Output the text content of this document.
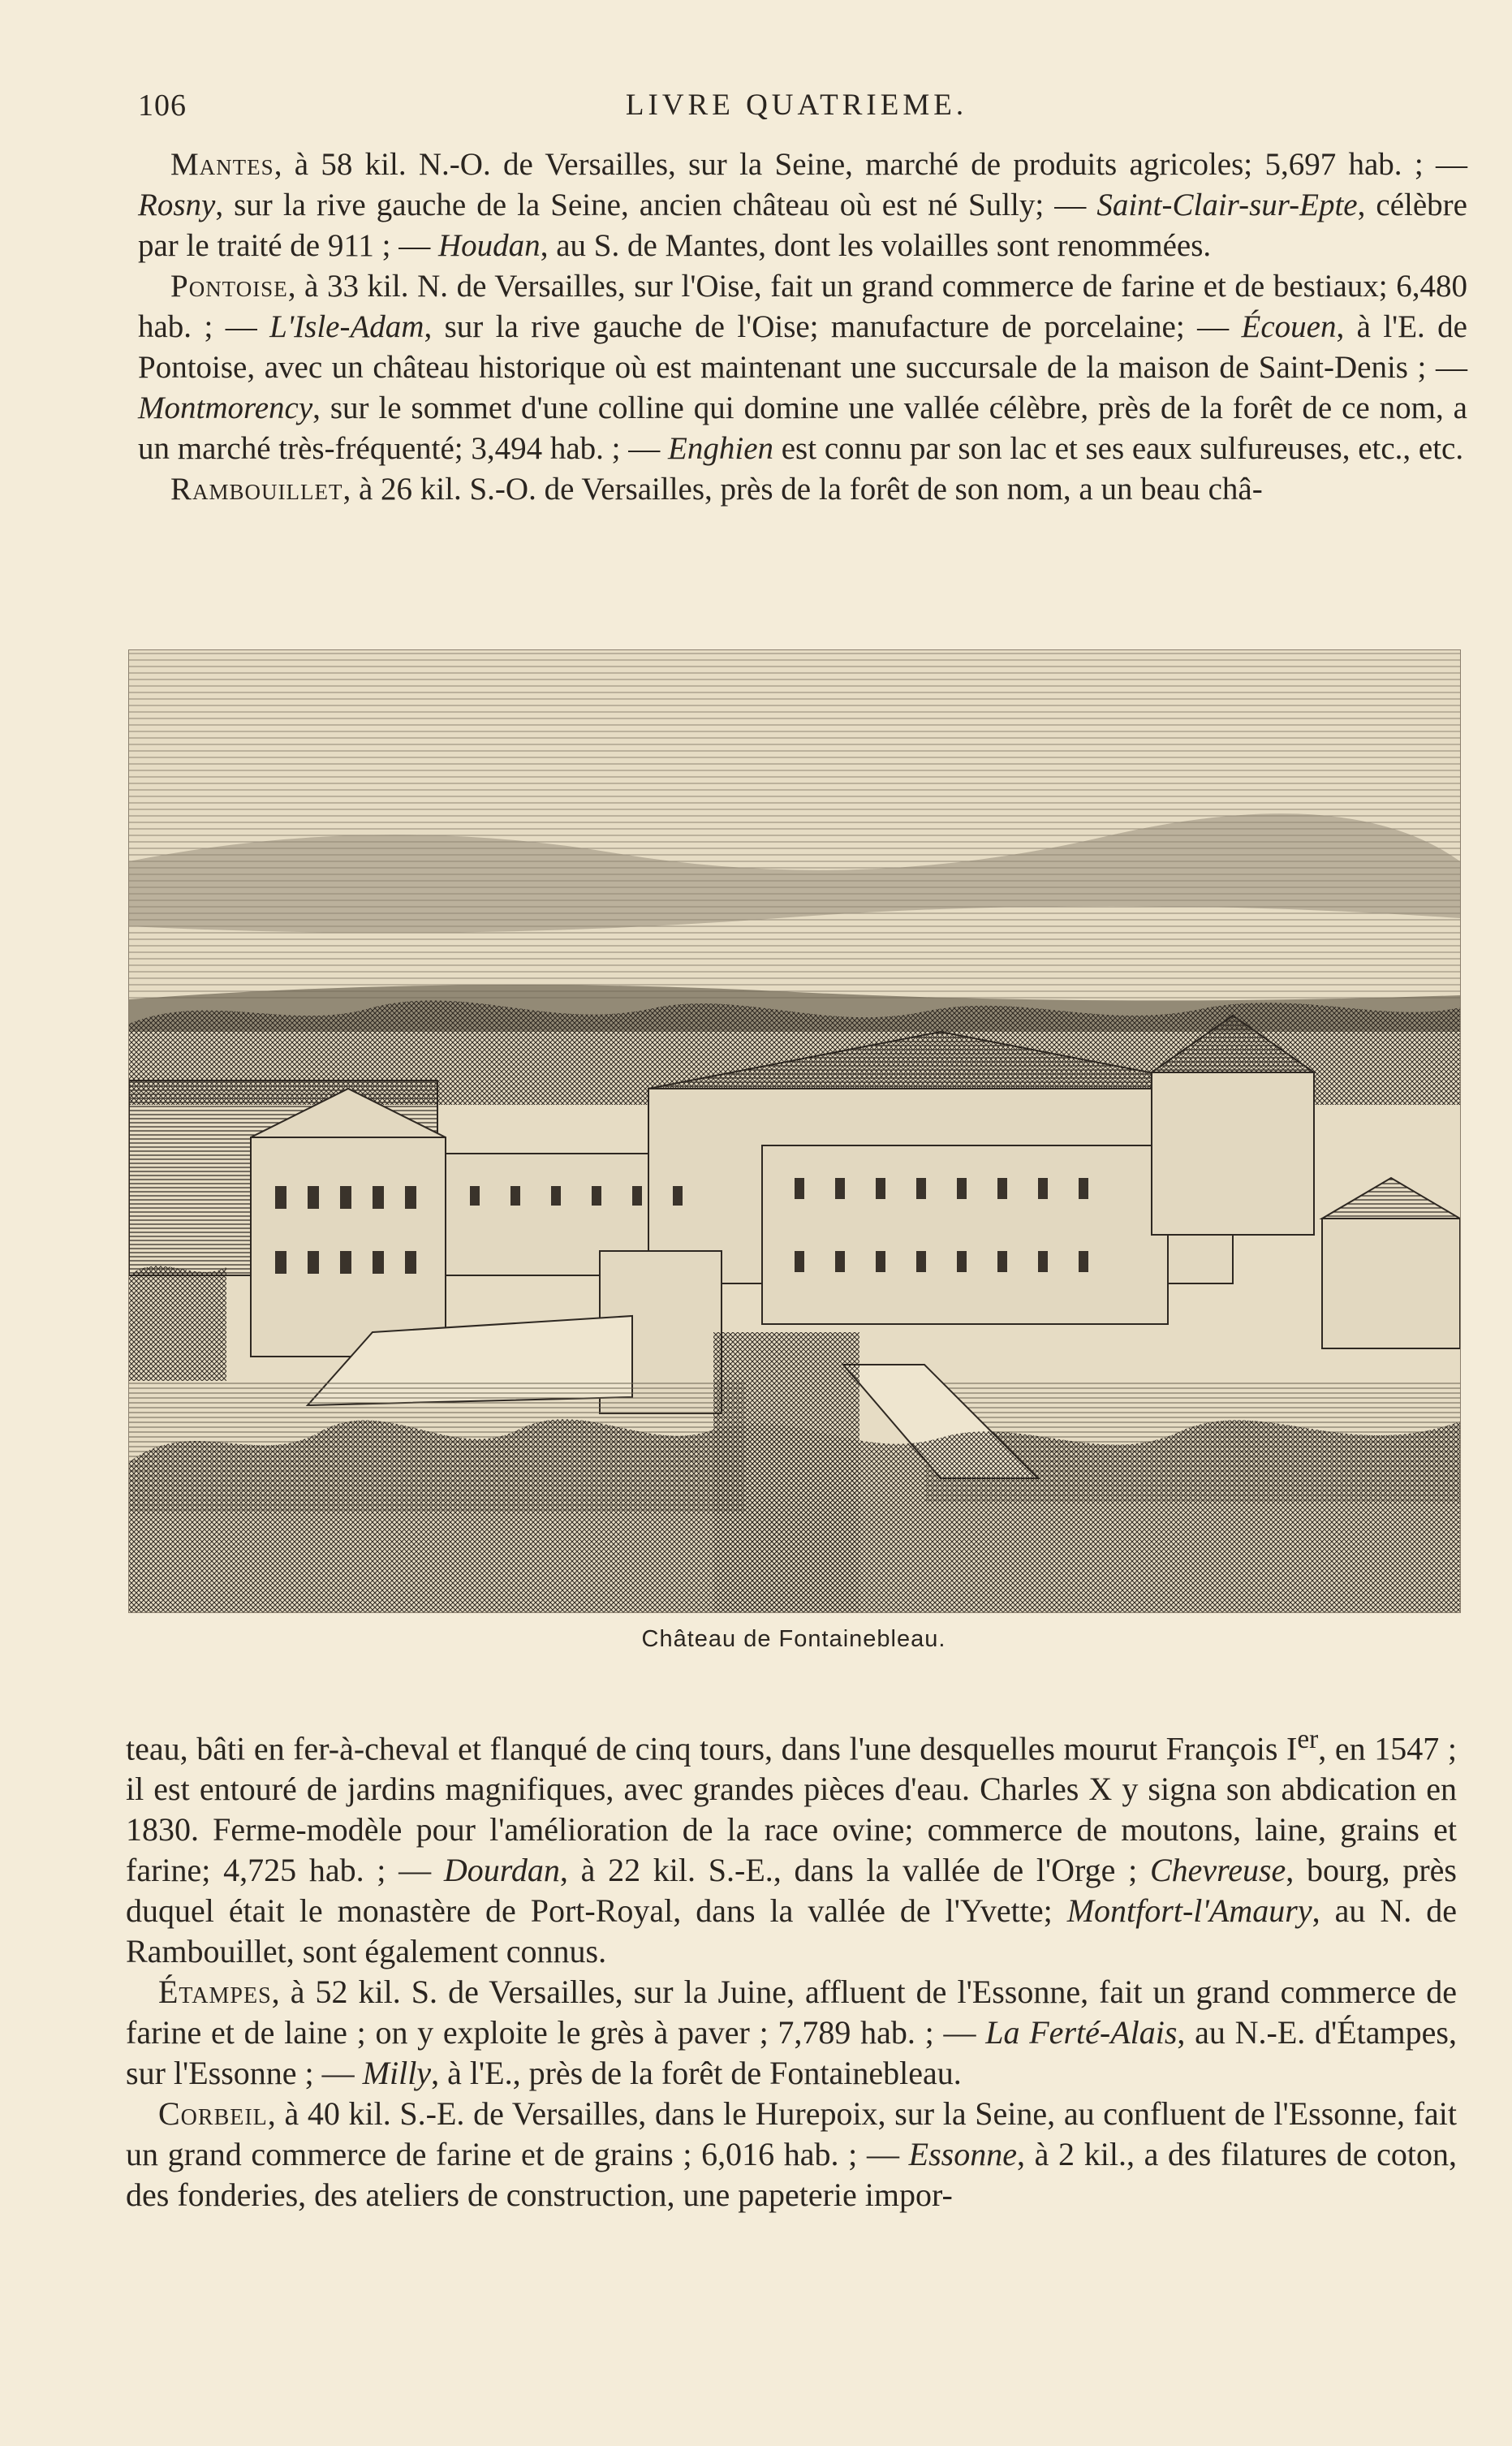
106	LIVRE QUATRIEME.

Mantes, à 58 kil. N.-O. de Versailles, sur la Seine, marché de produits agricoles; 5,697 hab. ; — Rosny, sur la rive gauche de la Seine, ancien château où est né Sully; — Saint-Clair-sur-Epte, célèbre par le traité de 911 ; — Houdan, au S. de Mantes, dont les volailles sont renommées.

Pontoise, à 33 kil. N. de Versailles, sur l'Oise, fait un grand commerce de farine et de bestiaux; 6,480 hab. ; — L'Isle-Adam, sur la rive gauche de l'Oise; manufacture de porcelaine; — Écouen, à l'E. de Pontoise, avec un château historique où est maintenant une succursale de la maison de Saint-Denis ; — Montmorency, sur le sommet d'une colline qui domine une vallée célèbre, près de la forêt de ce nom, a un marché très-fréquenté; 3,494 hab. ; — Enghien est connu par son lac et ses eaux sulfureuses, etc., etc.

Rambouillet, à 26 kil. S.-O. de Versailles, près de la forêt de son nom, a un beau châ-

Château de Fontainebleau.

teau, bâti en fer-à-cheval et flanqué de cinq tours, dans l'une desquelles mourut François Ier, en 1547 ; il est entouré de jardins magnifiques, avec grandes pièces d'eau. Charles X y signa son abdication en 1830. Ferme-modèle pour l'amélioration de la race ovine; commerce de moutons, laine, grains et farine; 4,725 hab. ; — Dourdan, à 22 kil. S.-E., dans la vallée de l'Orge ; Chevreuse, bourg, près duquel était le monastère de Port-Royal, dans la vallée de l'Yvette; Montfort-l'Amaury, au N. de Rambouillet, sont également connus.

Étampes, à 52 kil. S. de Versailles, sur la Juine, affluent de l'Essonne, fait un grand commerce de farine et de laine ; on y exploite le grès à paver ; 7,789 hab. ; — La Ferté-Alais, au N.-E. d'Étampes, sur l'Essonne ; — Milly, à l'E., près de la forêt de Fontainebleau.

Corbeil, à 40 kil. S.-E. de Versailles, dans le Hurepoix, sur la Seine, au confluent de l'Essonne, fait un grand commerce de farine et de grains ; 6,016 hab. ; — Essonne, à 2 kil., a des filatures de coton, des fonderies, des ateliers de construction, une papeterie impor-
